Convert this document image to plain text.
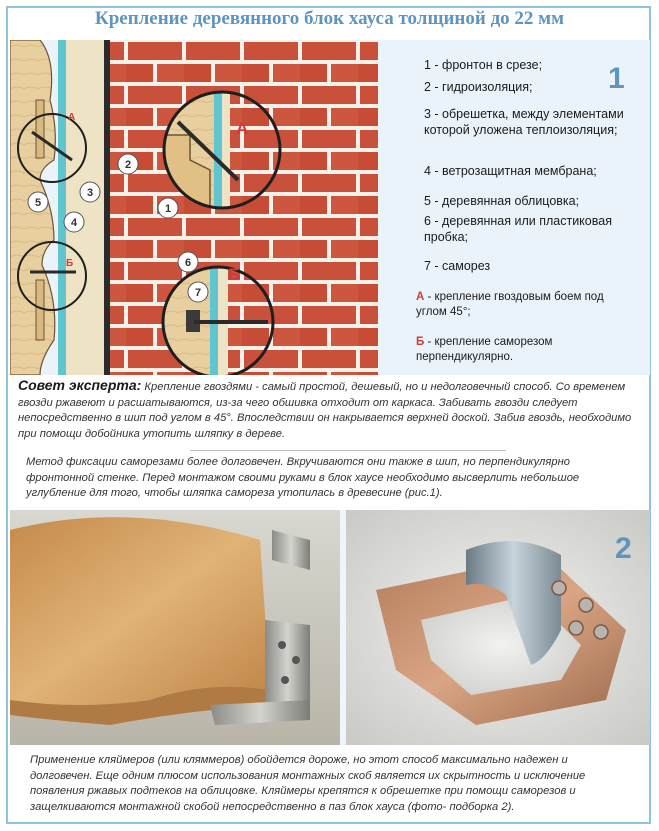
Крепление деревянного блок хауса толщиной до 22 мм
1
2
3
4
5
6
7
А
Б
А
Б
1 - фронтон в срезе;
2 - гидроизоляция;
3 - обрешетка, между элементами которой уложена теплоизоляция;
4 - ветрозащитная мембрана;
5 - деревянная облицовка;
6 - деревянная или пластиковая пробка;
7 - саморез
А - крепление гвоздовым боем под углом 45°;
Б - крепление саморезом перпендикулярно.
1
Совет эксперта: Крепление гвоздями - самый простой, дешевый, но и недолговечный способ. Со временем гвозди ржавеют и расшатываются, из-за чего обшивка отходит от каркаса. Забивать гвозди следует непосредственно в шип под углом в 45°. Впоследствии он накрывается верхней доской. Забив гвоздь, необходимо при помощи добойника утопить шляпку в дереве.
Метод фиксации саморезами более долговечен. Вкручиваются они также в шип, но перпендикулярно фронтонной стенке. Перед монтажом своими руками в блок хаусе необходимо высверлить небольшое углубление для того, чтобы шляпка самореза утопилась в древесине (рис.1).
2
Применение кляймеров (или кляммеров) обойдется дороже, но этот способ максимально надежен и долговечен. Еще одним плюсом использования монтажных скоб является их скрытность и исключение появления ржавых подтеков на облицовке. Кляймеры крепятся к обрешетке при помощи саморезов и защелкиваются монтажной скобой непосредственно в паз блок хауса (фото- подборка 2).
